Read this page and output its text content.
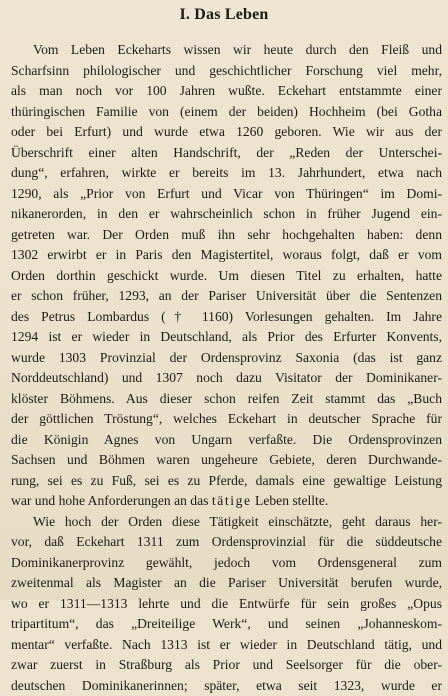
I. Das Leben

Vom Leben Eckeharts wissen wir heute durch den Fleiß und
Scharfsinn philologischer und geschichtlicher Forschung viel mehr,
als man noch vor 100 Jahren wußte. Eckehart entstammte einer
thüringischen Familie von (einem der beiden) Hochheim (bei Gotha
oder bei Erfurt) und wurde etwa 1260 geboren. Wie wir aus der
Überschrift einer alten Handschrift, der „Reden der Unterschei-
dung“, erfahren, wirkte er bereits im 13. Jahrhundert, etwa nach
1290, als „Prior von Erfurt und Vicar von Thüringen“ im Domi-
nikanerorden, in den er wahrscheinlich schon in früher Jugend ein-
getreten war. Der Orden muß ihn sehr hochgehalten haben: denn
1302 erwirbt er in Paris den Magistertitel, woraus folgt, daß er vom
Orden dorthin geschickt wurde. Um diesen Titel zu erhalten, hatte
er schon früher, 1293, an der Pariser Universität über die Sentenzen
des Petrus Lombardus († 1160) Vorlesungen gehalten. Im Jahre
1294 ist er wieder in Deutschland, als Prior des Erfurter Konvents,
wurde 1303 Provinzial der Ordensprovinz Saxonia (das ist ganz
Norddeutschland) und 1307 noch dazu Visitator der Dominikaner-
klöster Böhmens. Aus dieser schon reifen Zeit stammt das „Buch
der göttlichen Tröstung“, welches Eckehart in deutscher Sprache für
die Königin Agnes von Ungarn verfaßte. Die Ordensprovinzen
Sachsen und Böhmen waren ungeheure Gebiete, deren Durchwande-
rung, sei es zu Fuß, sei es zu Pferde, damals eine gewaltige Leistung
war und hohe Anforderungen an das tätige Leben stellte.

Wie hoch der Orden diese Tätigkeit einschätzte, geht daraus her-
vor, daß Eckehart 1311 zum Ordensprovinzial für die süddeutsche
Dominikanerprovinz gewählt, jedoch vom Ordensgeneral zum
zweitenmal als Magister an die Pariser Universität berufen wurde,
wo er 1311—1313 lehrte und die Entwürfe für sein großes „Opus
tripartitum“, das „Dreiteilige Werk“, und seinen „Johanneskom-
mentar“ verfaßte. Nach 1313 ist er wieder in Deutschland tätig, und
zwar zuerst in Straßburg als Prior und Seelsorger für die ober-
deutschen Dominikanerinnen; später, etwa seit 1323, wurde er
